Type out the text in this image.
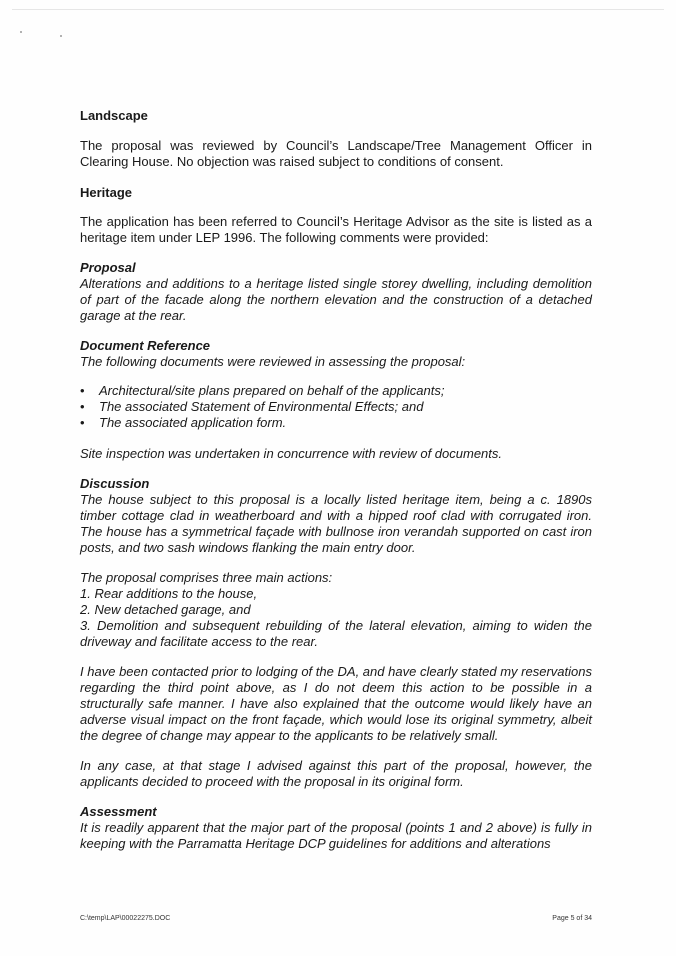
Landscape

The proposal was reviewed by Council’s Landscape/Tree Management Officer in Clearing House. No objection was raised subject to conditions of consent.

Heritage

The application has been referred to Council’s Heritage Advisor as the site is listed as a heritage item under LEP 1996. The following comments were provided:

Proposal

Alterations and additions to a heritage listed single storey dwelling, including demolition of part of the facade along the northern elevation and the construction of a detached garage at the rear.

Document Reference

The following documents were reviewed in assessing the proposal:

• Architectural/site plans prepared on behalf of the applicants;
• The associated Statement of Environmental Effects; and
• The associated application form.

Site inspection was undertaken in concurrence with review of documents.

Discussion

The house subject to this proposal is a locally listed heritage item, being a c. 1890s timber cottage clad in weatherboard and with a hipped roof clad with corrugated iron. The house has a symmetrical façade with bullnose iron verandah supported on cast iron posts, and two sash windows flanking the main entry door.

The proposal comprises three main actions:

1. Rear additions to the house,

2. New detached garage, and

3. Demolition and subsequent rebuilding of the lateral elevation, aiming to widen the driveway and facilitate access to the rear.

I have been contacted prior to lodging of the DA, and have clearly stated my reservations regarding the third point above, as I do not deem this action to be possible in a structurally safe manner. I have also explained that the outcome would likely have an adverse visual impact on the front façade, which would lose its original symmetry, albeit the degree of change may appear to the applicants to be relatively small.

In any case, at that stage I advised against this part of the proposal, however, the applicants decided to proceed with the proposal in its original form.

Assessment

It is readily apparent that the major part of the proposal (points 1 and 2 above) is fully in keeping with the Parramatta Heritage DCP guidelines for additions and alterations

C:\temp\LAP\00022275.DOC	Page 5 of 34
